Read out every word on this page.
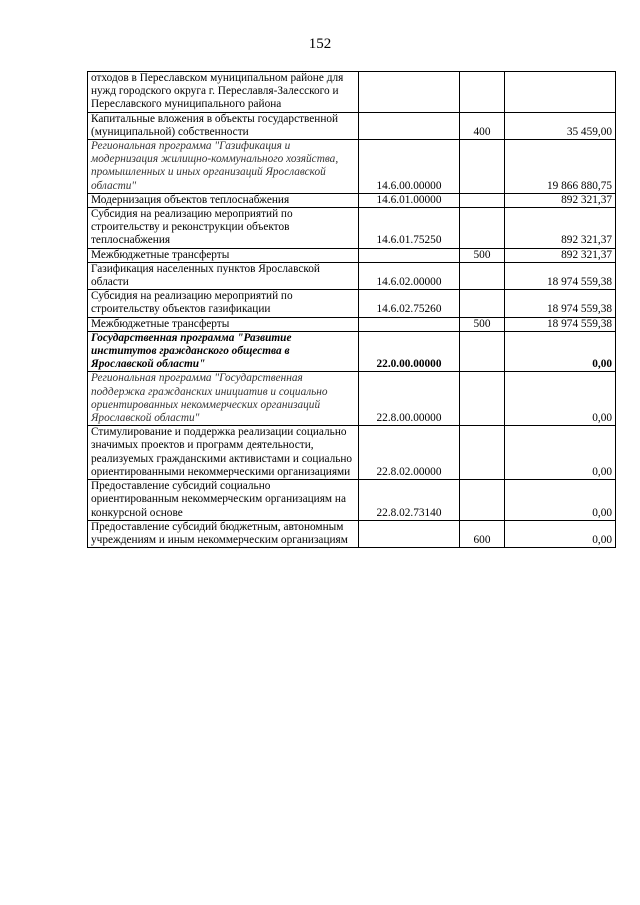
152
отходов в Переславском муниципальном районе для нужд городского округа г. Переславля-Залесского и Переславского муниципального района			
Капитальные вложения в объекты государственной (муниципальной) собственности		400	35 459,00
Региональная программа "Газификация и модернизация жилищно-коммунального хозяйства, промышленных и иных организаций Ярославской области"	14.6.00.00000		19 866 880,75
Модернизация объектов теплоснабжения	14.6.01.00000		892 321,37
Субсидия на реализацию мероприятий по строительству и реконструкции объектов теплоснабжения	14.6.01.75250		892 321,37
Межбюджетные трансферты		500	892 321,37
Газификация населенных пунктов Ярославской области	14.6.02.00000		18 974 559,38
Субсидия на реализацию мероприятий по строительству объектов газификации	14.6.02.75260		18 974 559,38
Межбюджетные трансферты		500	18 974 559,38
Государственная программа "Развитие институтов гражданского общества в Ярославской области"	22.0.00.00000		0,00
Региональная программа "Государственная поддержка гражданских инициатив и социально ориентированных некоммерческих организаций Ярославской области"	22.8.00.00000		0,00
Стимулирование и поддержка реализации социально значимых проектов и программ деятельности, реализуемых гражданскими активистами и социально ориентированными некоммерческими организациями	22.8.02.00000		0,00
Предоставление субсидий социально ориентированным некоммерческим организациям на конкурсной основе	22.8.02.73140		0,00
Предоставление субсидий бюджетным, автономным учреждениям и иным некоммерческим организациям		600	0,00
